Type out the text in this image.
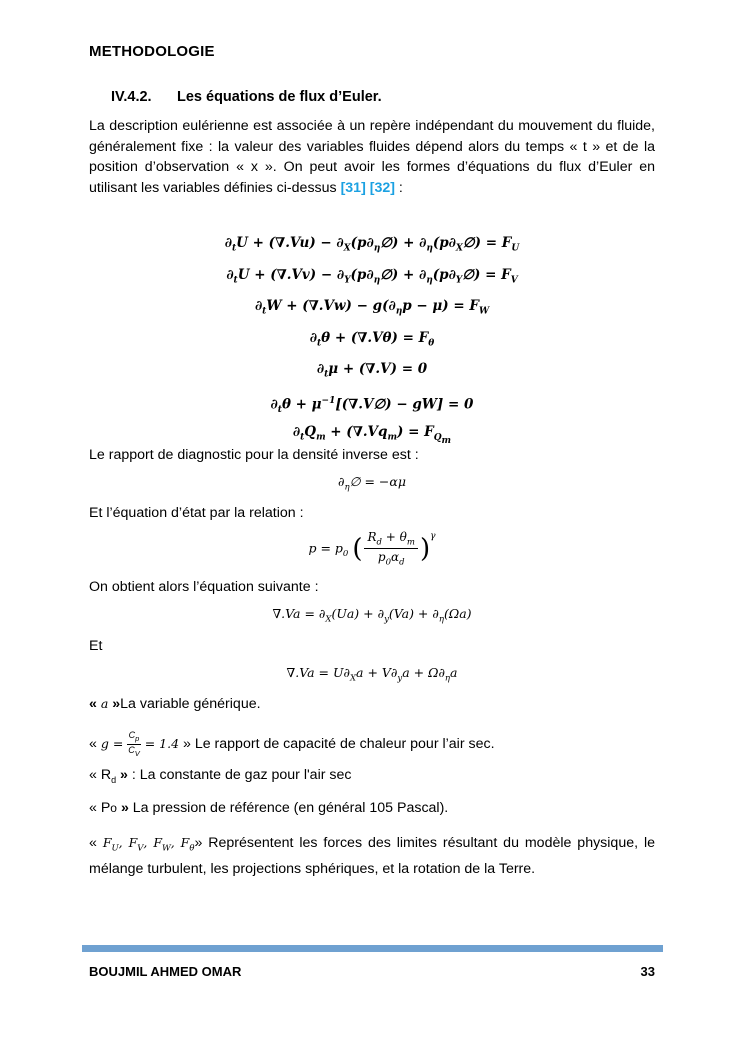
METHODOLOGIE
IV.4.2. Les équations de flux d’Euler.
La description eulérienne est associée à un repère indépendant du mouvement du fluide, généralement fixe : la valeur des variables fluides dépend alors du temps « t » et de la position d’observation « x ». On peut avoir les formes d’équations du flux d’Euler en utilisant les variables définies ci-dessus [31] [32] :
$\partial_tU + (\nabla.Vu)$ − $\partial_X(p\partial_\eta\emptyset)$ + $\partial_\eta(p\partial_X\emptyset) = F_U$
$\partial_tU + (\nabla.Vv)$ − $\partial_Y(p\partial_\eta\emptyset)$ + $\partial_\eta(p\partial_Y\emptyset) = F_V$
$\partial_tW + (\nabla.Vw) - g(\partial_\eta p - \mu) = F_W$
$\partial_t\theta + (\nabla.V\theta) = F_\theta$
$\partial_t\mu + (\nabla.V) = 0$
$\partial_t\theta$ + $\mu^{-1}[(\nabla.V\emptyset) - gW] = 0$
$\partial_tQ_m + (\nabla.Vq_m) = F_{Q_m}$
Le rapport de diagnostic pour la densité inverse est :
$\partial_\eta\emptyset = -\alpha\mu$
Et l’équation d’état par la relation :
$p = p_0$ ( $\frac{R_d + \theta_m}{p_0\alpha_d} )^\gamma$
On obtient alors l’équation suivante :
$\nabla.Va = \partial_X(Ua) + \partial_y(Va) + \partial_\eta(\Omega a)$
Et
$\nabla.Va = U\partial_Xa + V\partial_ya + \Omega\partial_\eta a$
« a »La variable générique.
« $g = \frac{C_p}{C_V} = 1.4$ » Le rapport de capacité de chaleur pour l’air sec.
« $R_d$ » : La constante de gaz pour l'air sec
« Po » La pression de référence (en général 105 Pascal).
« $F_U$, $F_V$, $F_W$, $F_\theta$» Représentent les forces des limites résultant du modèle physique, le mélange turbulent, les projections sphériques, et la rotation de la Terre.
BOUJMIL AHMED OMAR	33
